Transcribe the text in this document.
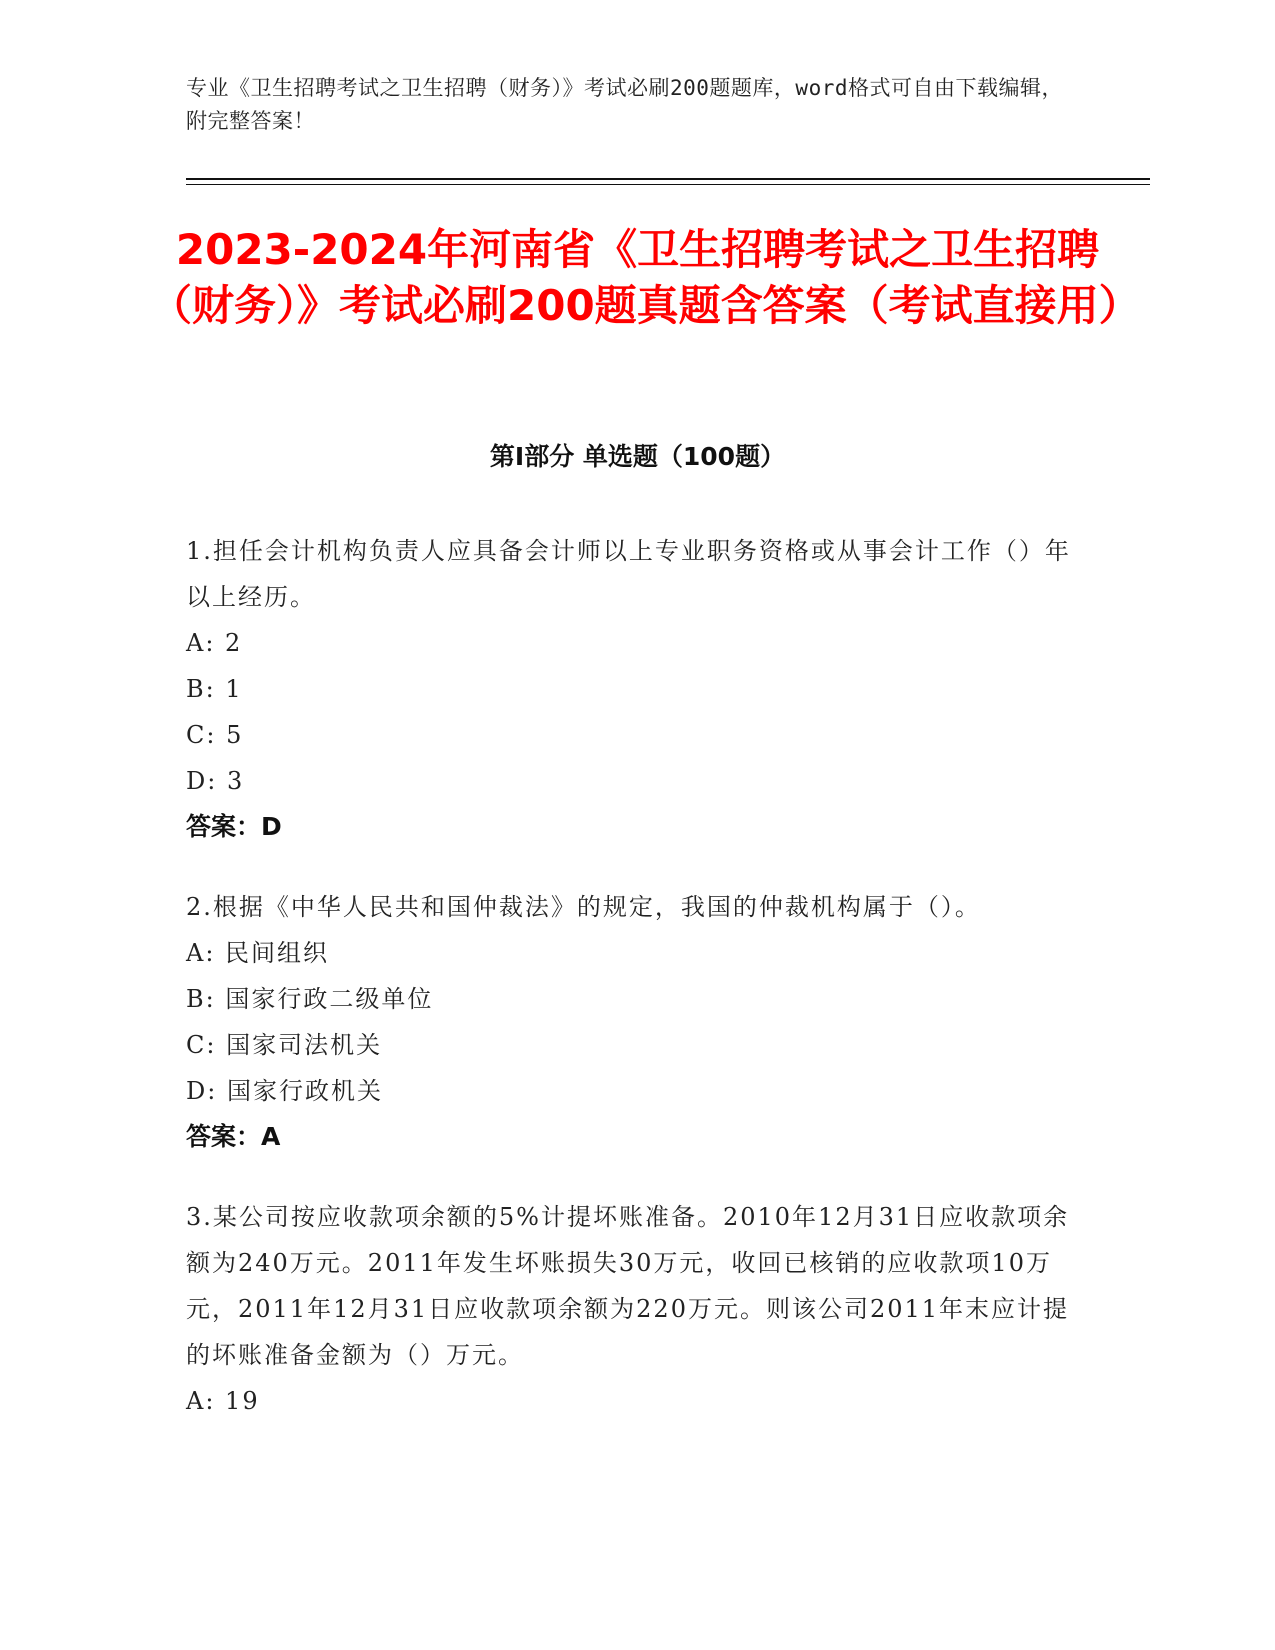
专业《卫生招聘考试之卫生招聘（财务）》考试必刷200题题库，word格式可自由下载编辑，附完整答案！
2023-2024年河南省《卫生招聘考试之卫生招聘（财务）》考试必刷200题真题含答案（考试直接用）
第Ⅰ部分 单选题（100题）

1.担任会计机构负责人应具备会计师以上专业职务资格或从事会计工作（）年以上经历。

A: 2

B: 1

C: 5

D: 3

答案：D

2.根据《中华人民共和国仲裁法》的规定，我国的仲裁机构属于（）。

A: 民间组织

B: 国家行政二级单位

C: 国家司法机关

D: 国家行政机关

答案：A

3.某公司按应收款项余额的5%计提坏账准备。2010年12月31日应收款项余额为240万元。2011年发生坏账损失30万元，收回已核销的应收款项10万元，2011年12月31日应收款项余额为220万元。则该公司2011年末应计提的坏账准备金额为（）万元。

A: 19
